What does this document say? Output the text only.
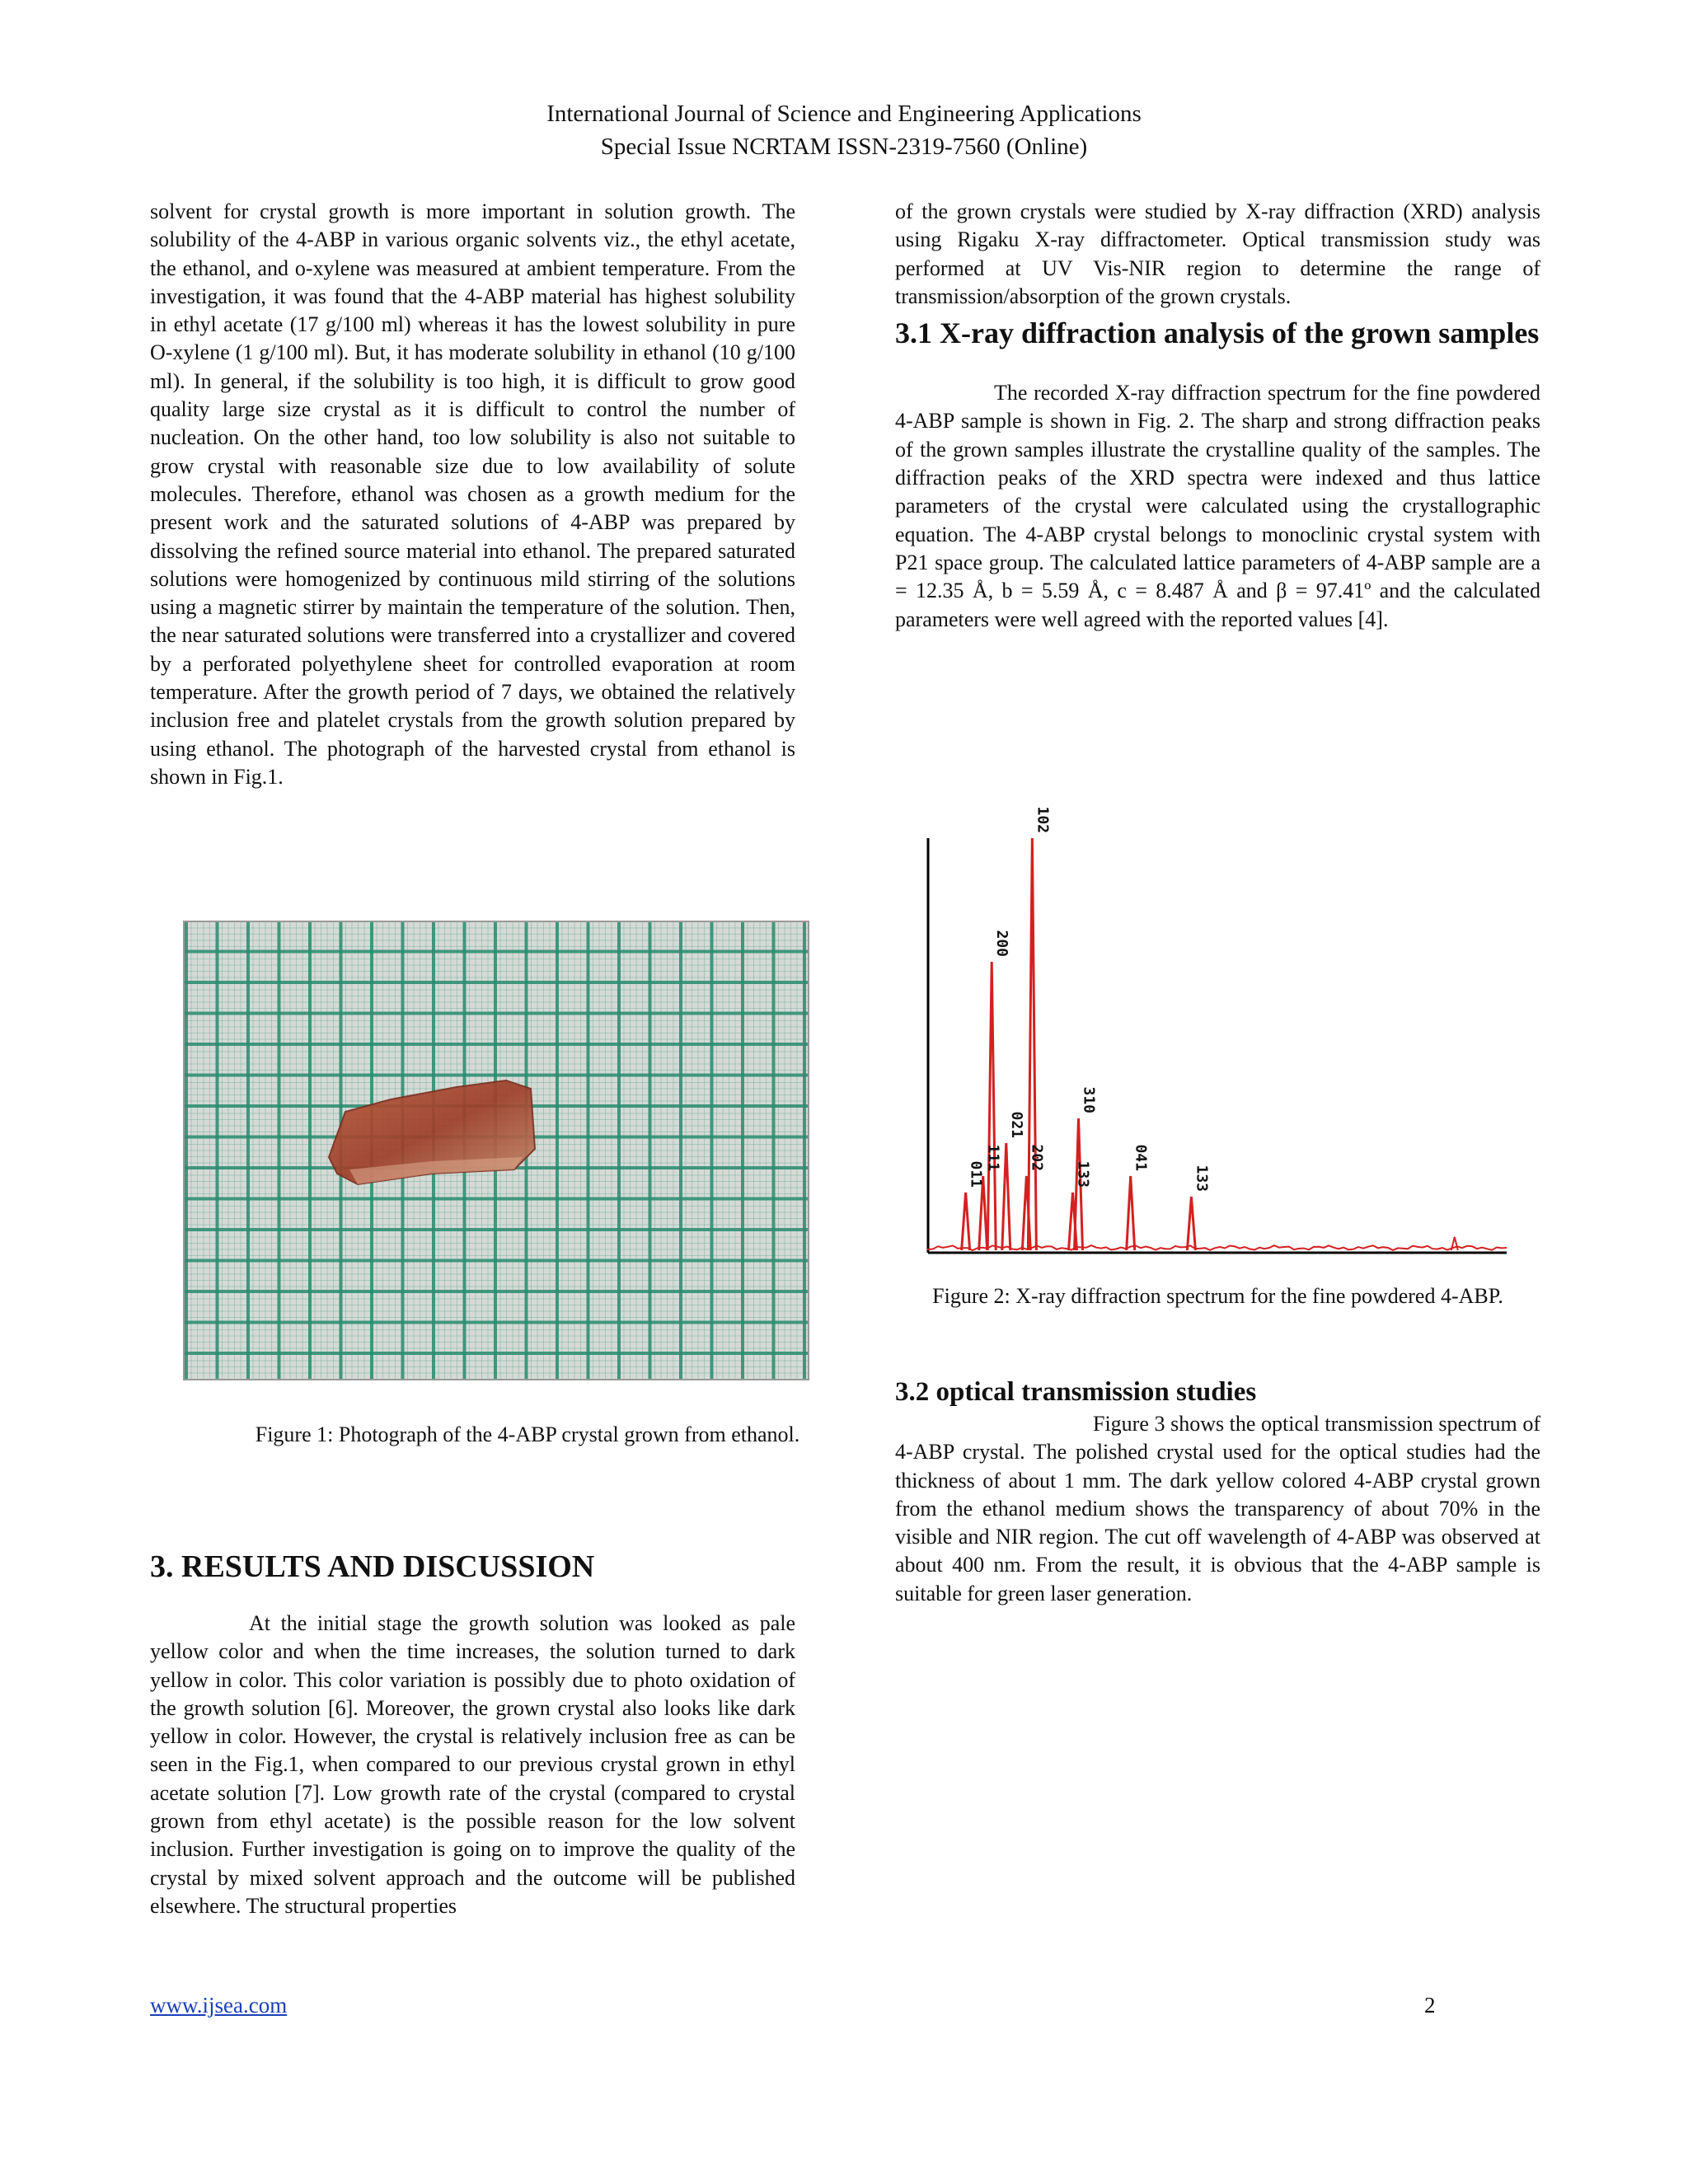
International Journal of Science and Engineering Applications
Special Issue NCRTAM ISSN-2319-7560 (Online)

solvent for crystal growth is more important in solution growth. The solubility of the 4-ABP in various organic solvents viz., the ethyl acetate, the ethanol, and o-xylene was measured at ambient temperature. From the investigation, it was found that the 4-ABP material has highest solubility in ethyl acetate (17 g/100 ml) whereas it has the lowest solubility in pure O-xylene (1 g/100 ml). But, it has moderate solubility in ethanol (10 g/100 ml). In general, if the solubility is too high, it is difficult to grow good quality large size crystal as it is difficult to control the number of nucleation. On the other hand, too low solubility is also not suitable to grow crystal with reasonable size due to low availability of solute molecules. Therefore, ethanol was chosen as a growth medium for the present work and the saturated solutions of 4-ABP was prepared by dissolving the refined source material into ethanol. The prepared saturated solutions were homogenized by continuous mild stirring of the solutions using a magnetic stirrer by maintain the temperature of the solution. Then, the near saturated solutions were transferred into a crystallizer and covered by a perforated polyethylene sheet for controlled evaporation at room temperature. After the growth period of 7 days, we obtained the relatively inclusion free and platelet crystals from the growth solution prepared by using ethanol. The photograph of the harvested crystal from ethanol is shown in Fig.1.

Figure 1: Photograph of the 4-ABP crystal grown from ethanol.
3. RESULTS AND DISCUSSION

At the initial stage the growth solution was looked as pale yellow color and when the time increases, the solution turned to dark yellow in color. This color variation is possibly due to photo oxidation of the growth solution [6]. Moreover, the grown crystal also looks like dark yellow in color. However, the crystal is relatively inclusion free as can be seen in the Fig.1, when compared to our previous crystal grown in ethyl acetate solution [7]. Low growth rate of the crystal (compared to crystal grown from ethyl acetate) is the possible reason for the low solvent inclusion. Further investigation is going on to improve the quality of the crystal by mixed solvent approach and the outcome will be published elsewhere. The structural properties

of the grown crystals were studied by X-ray diffraction (XRD) analysis using Rigaku X-ray diffractometer. Optical transmission study was performed at UV Vis-NIR region to determine the range of transmission/absorption of the grown crystals.

3.1 X-ray diffraction analysis of the grown samples

The recorded X-ray diffraction spectrum for the fine powdered 4-ABP sample is shown in Fig. 2. The sharp and strong diffraction peaks of the grown samples illustrate the crystalline quality of the samples. The diffraction peaks of the XRD spectra were indexed and thus lattice parameters of the crystal were calculated using the crystallographic equation. The 4-ABP crystal belongs to monoclinic crystal system with P21 space group. The calculated lattice parameters of 4-ABP sample are a = 12.35 Å, b = 5.59 Å, c = 8.487 Å and β = 97.41º and the calculated parameters were well agreed with the reported values [4].

011
111
200
021
202
102
133
310
041
133
Figure 2: X-ray diffraction spectrum for the fine powdered 4-ABP.
3.2 optical transmission studies

Figure 3 shows the optical transmission spectrum of 4-ABP crystal. The polished crystal used for the optical studies had the thickness of about 1 mm. The dark yellow colored 4-ABP crystal grown from the ethanol medium shows the transparency of about 70% in the visible and NIR region. The cut off wavelength of 4-ABP was observed at about 400 nm. From the result, it is obvious that the 4-ABP sample is suitable for green laser generation.

www.ijsea.com	2
